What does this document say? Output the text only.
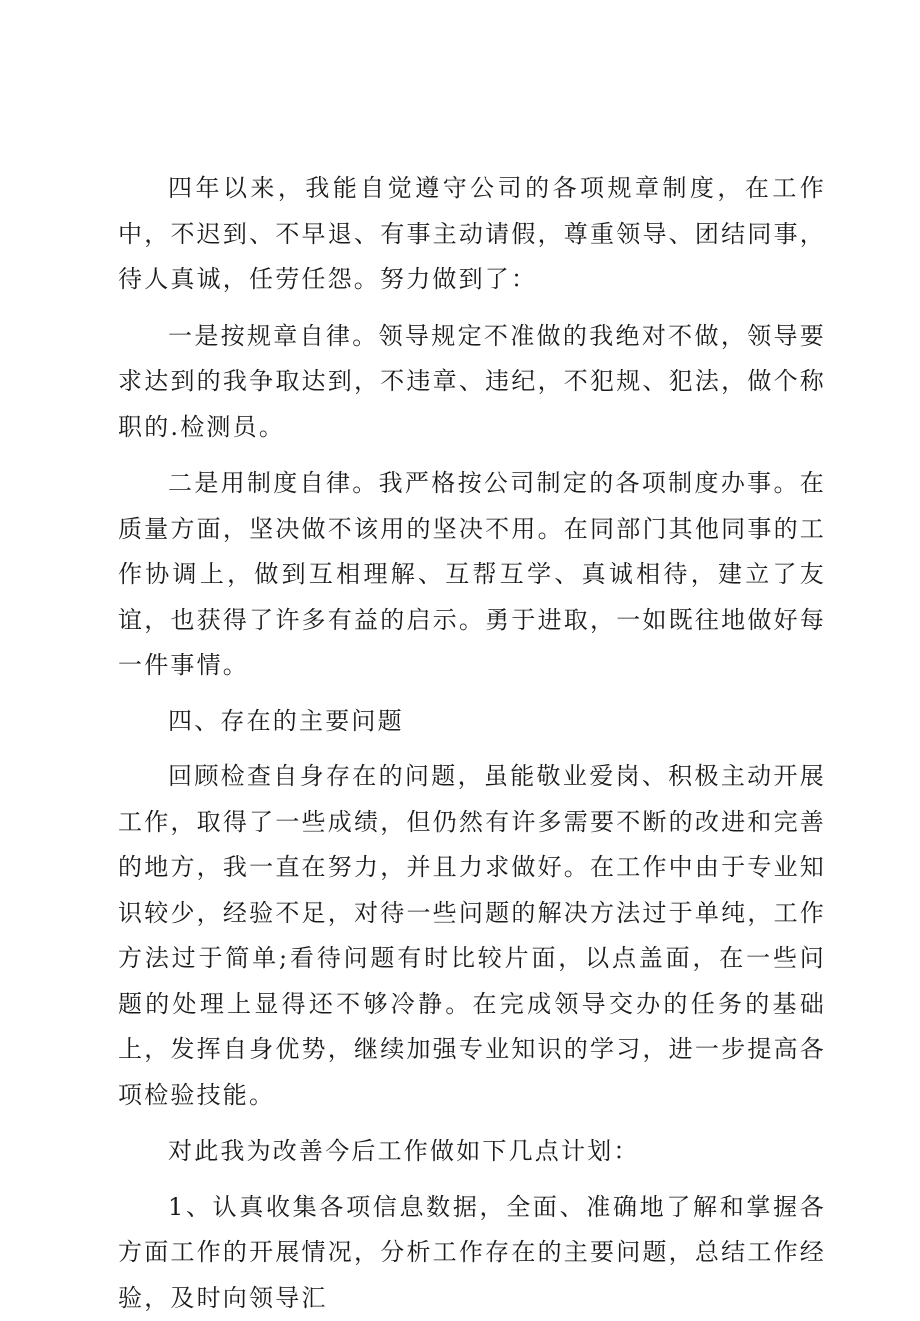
四年以来，我能自觉遵守公司的各项规章制度，在工作中，不迟到、不早退、有事主动请假，尊重领导、团结同事，待人真诚，任劳任怨。努力做到了：

一是按规章自律。领导规定不准做的我绝对不做，领导要求达到的我争取达到，不违章、违纪，不犯规、犯法，做个称职的.检测员。

二是用制度自律。我严格按公司制定的各项制度办事。在质量方面，坚决做不该用的坚决不用。在同部门其他同事的工作协调上，做到互相理解、互帮互学、真诚相待，建立了友谊，也获得了许多有益的启示。勇于进取，一如既往地做好每一件事情。

四、存在的主要问题

回顾检查自身存在的问题，虽能敬业爱岗、积极主动开展工作，取得了一些成绩，但仍然有许多需要不断的改进和完善的地方，我一直在努力，并且力求做好。在工作中由于专业知识较少，经验不足，对待一些问题的解决方法过于单纯，工作方法过于简单;看待问题有时比较片面，以点盖面，在一些问题的处理上显得还不够冷静。在完成领导交办的任务的基础上，发挥自身优势，继续加强专业知识的学习，进一步提高各项检验技能。

对此我为改善今后工作做如下几点计划：

1、认真收集各项信息数据，全面、准确地了解和掌握各方面工作的开展情况，分析工作存在的主要问题，总结工作经验，及时向领导汇
